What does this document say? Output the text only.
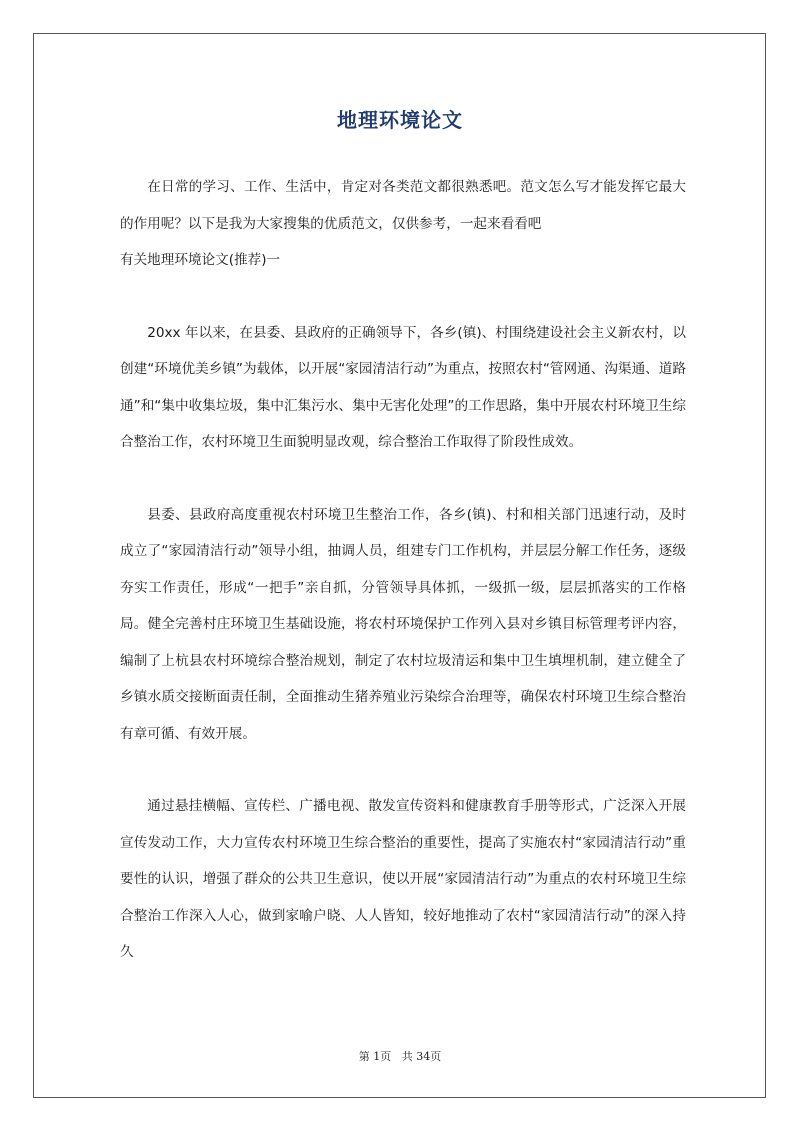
地理环境论文

在日常的学习、工作、生活中，肯定对各类范文都很熟悉吧。范文怎么写才能发挥它最大的作用呢？以下是我为大家搜集的优质范文，仅供参考，一起来看看吧

有关地理环境论文(推荐)一

20xx 年以来，在县委、县政府的正确领导下，各乡(镇)、村围绕建设社会主义新农村，以创建“环境优美乡镇”为载体，以开展“家园清洁行动”为重点，按照农村“管网通、沟渠通、道路通”和“集中收集垃圾，集中汇集污水、集中无害化处理”的工作思路，集中开展农村环境卫生综合整治工作，农村环境卫生面貌明显改观，综合整治工作取得了阶段性成效。

县委、县政府高度重视农村环境卫生整治工作，各乡(镇)、村和相关部门迅速行动，及时成立了“家园清洁行动”领导小组，抽调人员，组建专门工作机构，并层层分解工作任务，逐级夯实工作责任，形成“一把手”亲自抓，分管领导具体抓，一级抓一级，层层抓落实的工作格局。健全完善村庄环境卫生基础设施，将农村环境保护工作列入县对乡镇目标管理考评内容，编制了上杭县农村环境综合整治规划，制定了农村垃圾清运和集中卫生填埋机制，建立健全了乡镇水质交接断面责任制，全面推动生猪养殖业污染综合治理等，确保农村环境卫生综合整治有章可循、有效开展。

通过悬挂横幅、宣传栏、广播电视、散发宣传资料和健康教育手册等形式，广泛深入开展宣传发动工作，大力宣传农村环境卫生综合整治的重要性，提高了实施农村“家园清洁行动”重要性的认识，增强了群众的公共卫生意识，使以开展“家园清洁行动”为重点的农村环境卫生综合整治工作深入人心，做到家喻户晓、人人皆知，较好地推动了农村“家园清洁行动”的深入持久

第 1页 共 34页
